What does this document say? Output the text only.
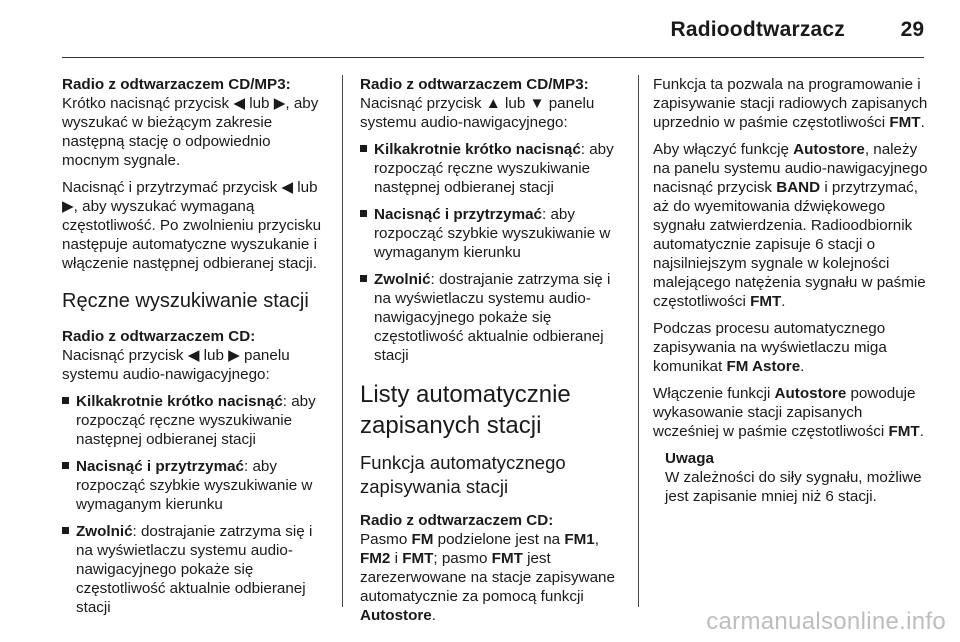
Radioodtwarzacz	29
Radio z odtwarzaczem CD/MP3:

Krótko nacisnąć przycisk ◀ lub ▶, aby wyszukać w bieżącym zakresie następną stację o odpowiednio mocnym sygnale.

Nacisnąć i przytrzymać przycisk ◀ lub ▶, aby wyszukać wymaganą częstotliwość. Po zwolnieniu przycisku następuje automatyczne wyszukanie i włączenie następnej odbieranej stacji.

Ręczne wyszukiwanie stacji
Radio z odtwarzaczem CD:

Nacisnąć przycisk ◀ lub ▶ panelu systemu audio-nawigacyjnego:

Kilkakrotnie krótko nacisnąć: aby rozpocząć ręczne wyszukiwanie następnej odbieranej stacji
Nacisnąć i przytrzymać: aby rozpocząć szybkie wyszukiwanie w wymaganym kierunku
Zwolnić: dostrajanie zatrzyma się i na wyświetlaczu systemu audio-nawigacyjnego pokaże się częstotliwość aktualnie odbieranej stacji
Radio z odtwarzaczem CD/MP3:

Nacisnąć przycisk ▲ lub ▼ panelu systemu audio-nawigacyjnego:

Kilkakrotnie krótko nacisnąć: aby rozpocząć ręczne wyszukiwanie następnej odbieranej stacji
Nacisnąć i przytrzymać: aby rozpocząć szybkie wyszukiwanie w wymaganym kierunku
Zwolnić: dostrajanie zatrzyma się i na wyświetlaczu systemu audio-nawigacyjnego pokaże się częstotliwość aktualnie odbieranej stacji
Listy automatycznie zapisanych stacji
Funkcja automatycznego zapisywania stacji
Radio z odtwarzaczem CD:

Pasmo FM podzielone jest na FM1,
FM2 i FMT; pasmo FMT jest zarezerwowane na stacje zapisywane automatycznie za pomocą funkcji Autostore.

Funkcja ta pozwala na programowanie i zapisywanie stacji radiowych zapisanych uprzednio w paśmie częstotliwości FMT.

Aby włączyć funkcję Autostore, należy na panelu systemu audio-nawigacyjnego nacisnąć przycisk BAND i przytrzymać, aż do wyemitowania dźwiękowego sygnału zatwierdzenia. Radioodbiornik automatycznie zapisuje 6 stacji o najsilniejszym sygnale w kolejności malejącego natężenia sygnału w paśmie częstotliwości FMT.

Podczas procesu automatycznego zapisywania na wyświetlaczu miga komunikat FM Astore.

Włączenie funkcji Autostore powoduje wykasowanie stacji zapisanych wcześniej w paśmie częstotliwości FMT.

Uwaga
W zależności do siły sygnału, możliwe jest zapisanie mniej niż 6 stacji.
carmanualsonline.info
